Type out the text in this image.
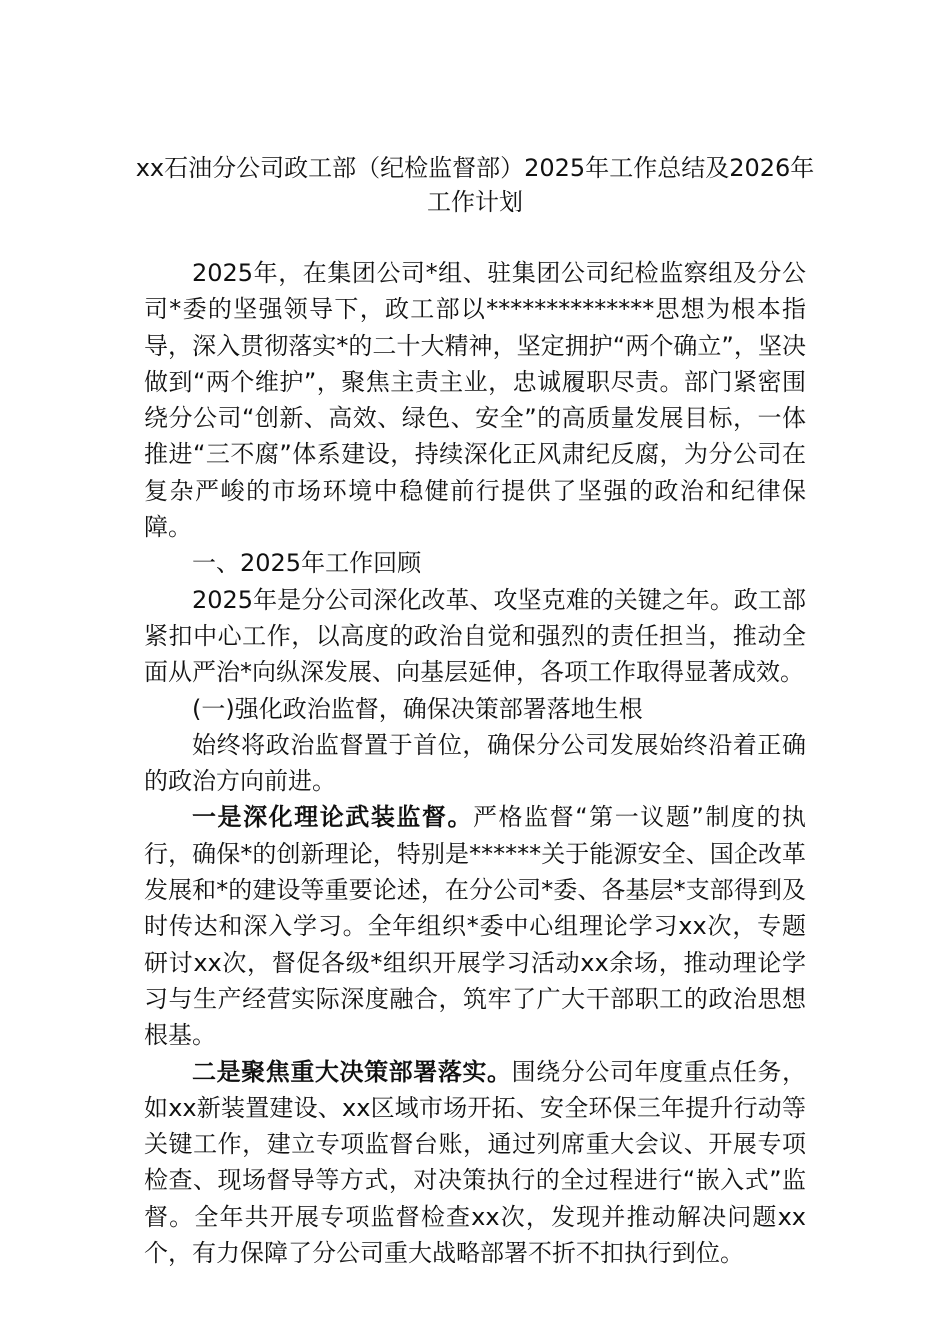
xx石油分公司政工部（纪检监督部）2025年工作总结及2026年工作计划

2025年，在集团公司*组、驻集团公司纪检监察组及分公司*委的坚强领导下，政工部以**************思想为根本指导，深入贯彻落实*的二十大精神，坚定拥护“两个确立”，坚决做到“两个维护”，聚焦主责主业，忠诚履职尽责。部门紧密围绕分公司“创新、高效、绿色、安全”的高质量发展目标，一体推进“三不腐”体系建设，持续深化正风肃纪反腐，为分公司在复杂严峻的市场环境中稳健前行提供了坚强的政治和纪律保障。

一、2025年工作回顾

2025年是分公司深化改革、攻坚克难的关键之年。政工部紧扣中心工作，以高度的政治自觉和强烈的责任担当，推动全面从严治*向纵深发展、向基层延伸，各项工作取得显著成效。

(一)强化政治监督，确保决策部署落地生根

始终将政治监督置于首位，确保分公司发展始终沿着正确的政治方向前进。

一是深化理论武装监督。严格监督“第一议题”制度的执行，确保*的创新理论，特别是******关于能源安全、国企改革发展和*的建设等重要论述，在分公司*委、各基层*支部得到及时传达和深入学习。全年组织*委中心组理论学习xx次，专题研讨xx次，督促各级*组织开展学习活动xx余场，推动理论学习与生产经营实际深度融合，筑牢了广大干部职工的政治思想根基。

二是聚焦重大决策部署落实。围绕分公司年度重点任务，如xx新装置建设、xx区域市场开拓、安全环保三年提升行动等关键工作，建立专项监督台账，通过列席重大会议、开展专项检查、现场督导等方式，对决策执行的全过程进行“嵌入式”监督。全年共开展专项监督检查xx次，发现并推动解决问题xx个，有力保障了分公司重大战略部署不折不扣执行到位。
